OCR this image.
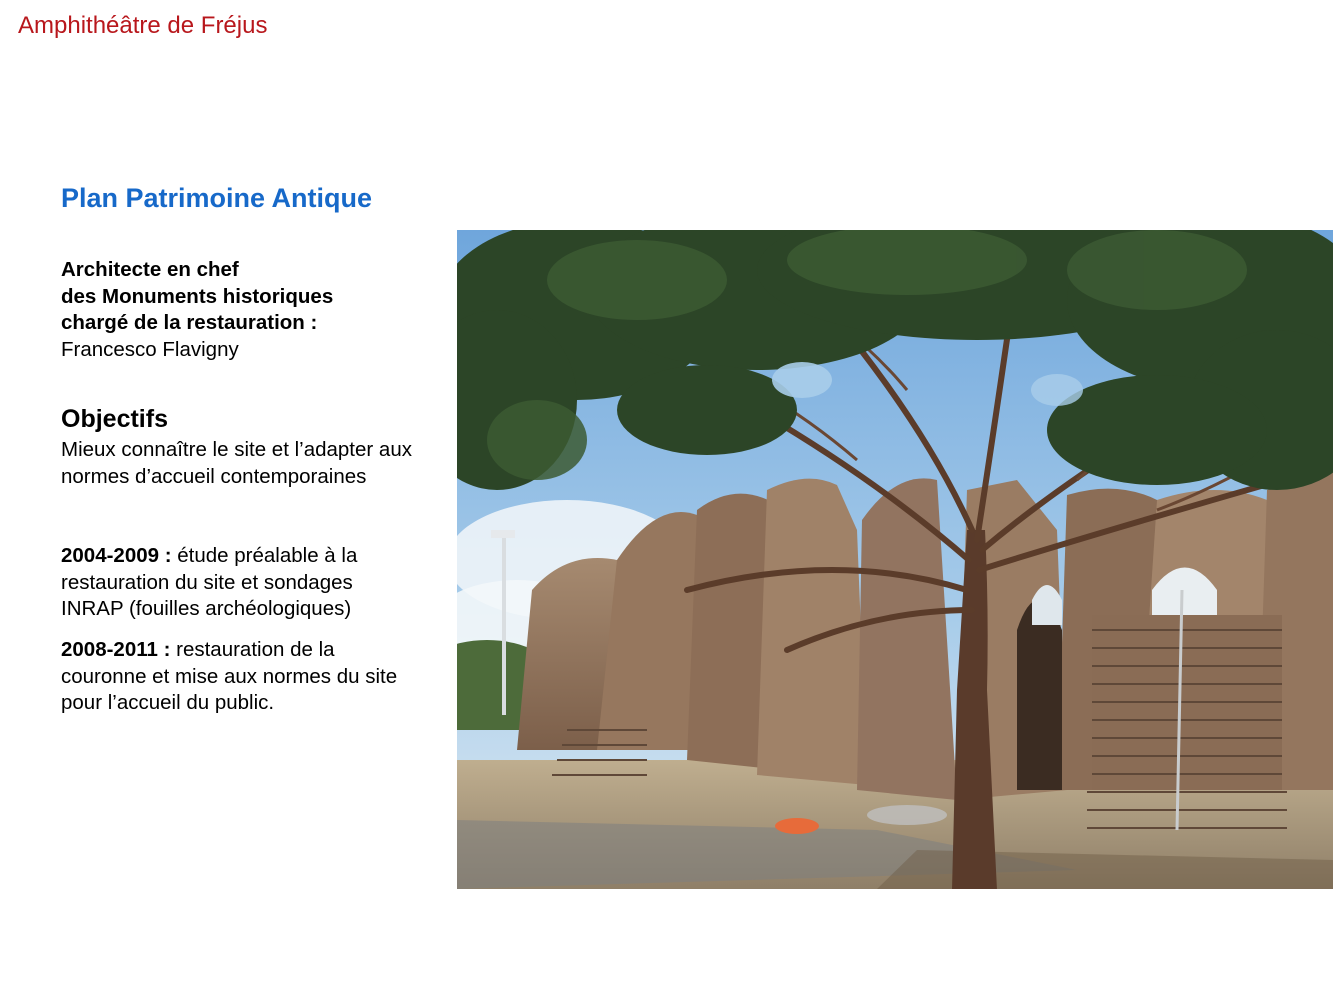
Amphithéâtre de Fréjus
Plan Patrimoine Antique
Architecte en chef
des Monuments historiques
chargé de la restauration :
Francesco Flavigny
Objectifs
Mieux connaître le site et l’adapter aux
normes d’accueil contemporaines
2004-2009 : étude préalable à la
restauration du site et sondages
INRAP (fouilles archéologiques)
2008-2011 : restauration de la
couronne et mise aux normes du site
pour l’accueil du public.
